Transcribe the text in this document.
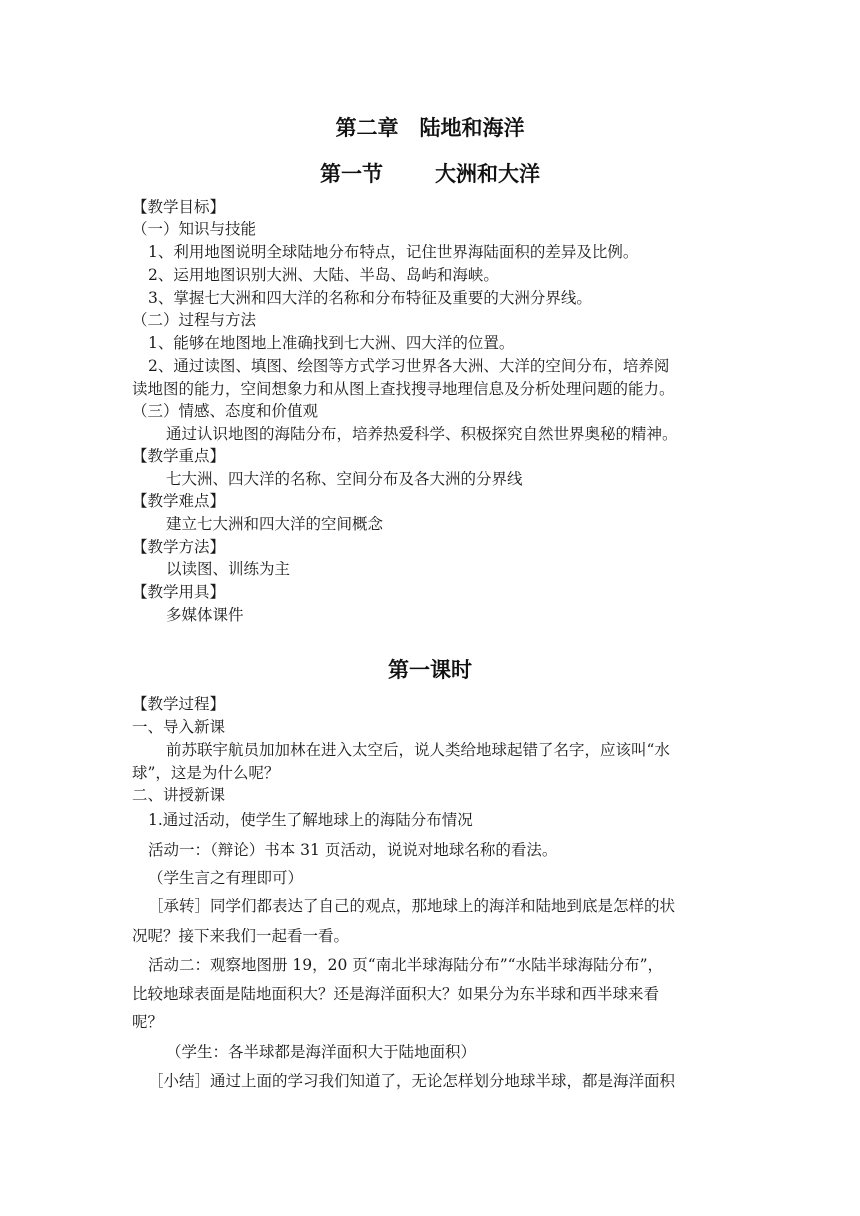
第二章　陆地和海洋
第一节 大洲和大洋
【教学目标】
（一）知识与技能
1、利用地图说明全球陆地分布特点，记住世界海陆面积的差异及比例。
2、运用地图识别大洲、大陆、半岛、岛屿和海峡。
3、掌握七大洲和四大洋的名称和分布特征及重要的大洲分界线。
（二）过程与方法
1、能够在地图地上准确找到七大洲、四大洋的位置。
2、通过读图、填图、绘图等方式学习世界各大洲、大洋的空间分布，培养阅
读地图的能力，空间想象力和从图上查找搜寻地理信息及分析处理问题的能力。
（三）情感、态度和价值观
通过认识地图的海陆分布，培养热爱科学、积极探究自然世界奥秘的精神。
【教学重点】
七大洲、四大洋的名称、空间分布及各大洲的分界线
【教学难点】
建立七大洲和四大洋的空间概念
【教学方法】
以读图、训练为主
【教学用具】
多媒体课件
第一课时
【教学过程】
一、导入新课
前苏联宇航员加加林在进入太空后，说人类给地球起错了名字，应该叫“水
球”，这是为什么呢？
二、讲授新课
1.通过活动，使学生了解地球上的海陆分布情况
活动一：（辩论）书本 31 页活动，说说对地球名称的看法。
（学生言之有理即可）
［承转］同学们都表达了自己的观点，那地球上的海洋和陆地到底是怎样的状
况呢？接下来我们一起看一看。
活动二：观察地图册 19，20 页“南北半球海陆分布”“水陆半球海陆分布”，
比较地球表面是陆地面积大？还是海洋面积大？如果分为东半球和西半球来看
呢？
（学生：各半球都是海洋面积大于陆地面积）
［小结］通过上面的学习我们知道了，无论怎样划分地球半球，都是海洋面积
